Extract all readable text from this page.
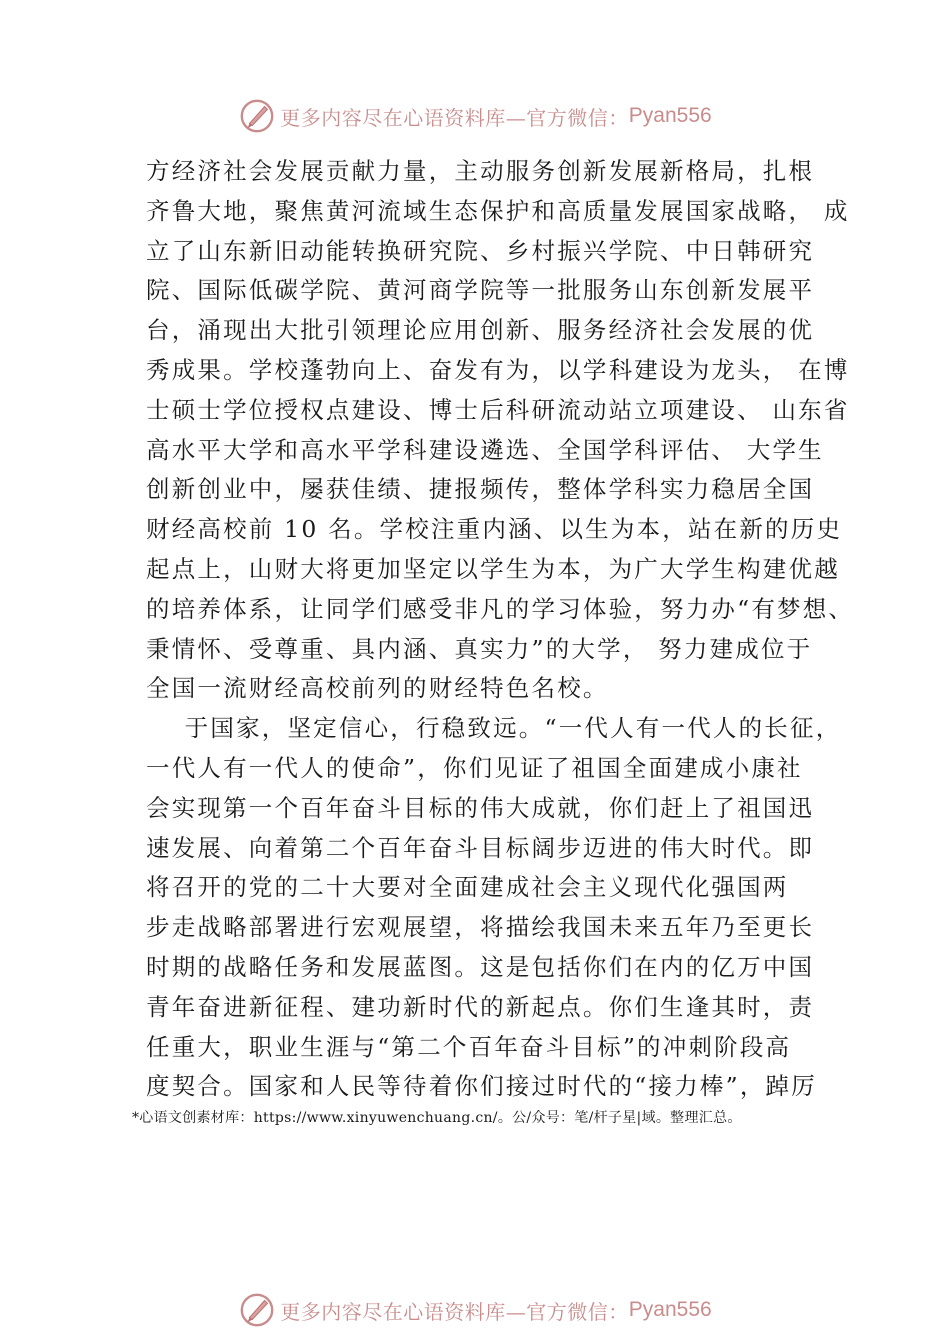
更多内容尽在心语资料库—官方微信： Pyan556
方经济社会发展贡献力量，主动服务创新发展新格局，扎根
齐鲁大地，聚焦黄河流域生态保护和高质量发展国家战略， 成
立了山东新旧动能转换研究院、乡村振兴学院、中日韩研究
院、国际低碳学院、黄河商学院等一批服务山东创新发展平
台，涌现出大批引领理论应用创新、服务经济社会发展的优
秀成果。学校蓬勃向上、奋发有为，以学科建设为龙头， 在博
士硕士学位授权点建设、博士后科研流动站立项建设、 山东省
高水平大学和高水平学科建设遴选、全国学科评估、 大学生
创新创业中，屡获佳绩、捷报频传，整体学科实力稳居全国
财经高校前 10 名。学校注重内涵、以生为本，站在新的历史
起点上，山财大将更加坚定以学生为本，为广大学生构建优越
的培养体系，让同学们感受非凡的学习体验，努力办“有梦想、
秉情怀、受尊重、具内涵、真实力”的大学， 努力建成位于
全国一流财经高校前列的财经特色名校。
于国家，坚定信心，行稳致远。“一代人有一代人的长征，
一代人有一代人的使命”，你们见证了祖国全面建成小康社
会实现第一个百年奋斗目标的伟大成就，你们赶上了祖国迅
速发展、向着第二个百年奋斗目标阔步迈进的伟大时代。即
将召开的党的二十大要对全面建成社会主义现代化强国两
步走战略部署进行宏观展望，将描绘我国未来五年乃至更长
时期的战略任务和发展蓝图。这是包括你们在内的亿万中国
青年奋进新征程、建功新时代的新起点。你们生逢其时，责
任重大，职业生涯与“第二个百年奋斗目标”的冲刺阶段高
度契合。国家和人民等待着你们接过时代的“接力棒”，踔厉
*心语文创素材库：https://www.xinyuwenchuang.cn/。公/众号：笔/杆子星|域。整理汇总。
更多内容尽在心语资料库—官方微信： Pyan556
